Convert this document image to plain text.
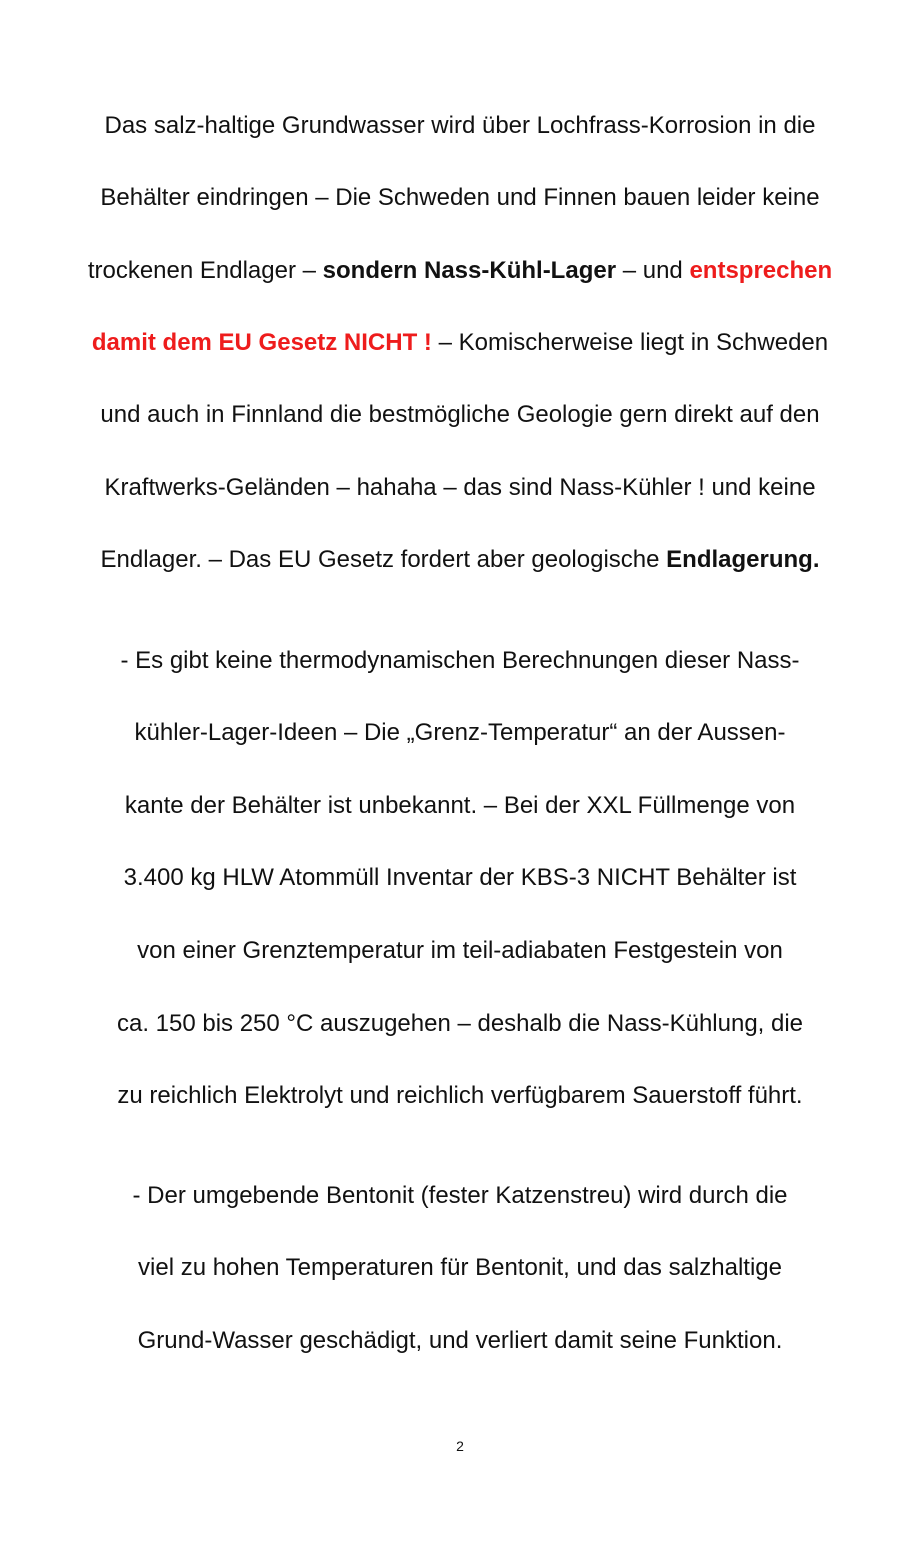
Das salz-haltige Grundwasser wird über Lochfrass-Korrosion in die
Behälter eindringen – Die Schweden und Finnen bauen leider keine
trockenen Endlager – sondern Nass-Kühl-Lager – und entsprechen
damit dem EU Gesetz NICHT ! – Komischerweise liegt in Schweden
und auch in Finnland die bestmögliche Geologie gern direkt auf den
Kraftwerks-Geländen – hahaha – das sind Nass-Kühler ! und keine
Endlager. – Das EU Gesetz fordert aber geologische Endlagerung.
- Es gibt keine thermodynamischen Berechnungen dieser Nass-
kühler-Lager-Ideen – Die „Grenz-Temperatur“ an der Aussen-
kante der Behälter ist unbekannt. – Bei der XXL Füllmenge von
3.400 kg HLW Atommüll Inventar der KBS-3 NICHT Behälter ist
von einer Grenztemperatur im teil-adiabaten Festgestein von
ca. 150 bis 250 °C auszugehen – deshalb die Nass-Kühlung, die
zu reichlich Elektrolyt und reichlich verfügbarem Sauerstoff führt.
- Der umgebende Bentonit (fester Katzenstreu) wird durch die
viel zu hohen Temperaturen für Bentonit, und das salzhaltige
Grund-Wasser geschädigt, und verliert damit seine Funktion.
2
